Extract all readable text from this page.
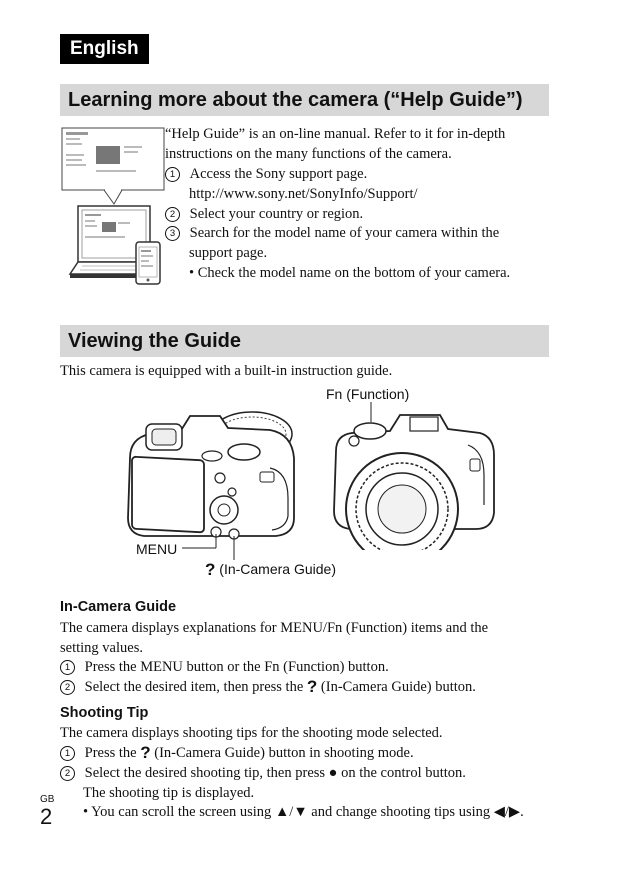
English
Learning more about the camera (“Help Guide”)
“Help Guide” is an on-line manual. Refer to it for in-depth
instructions on the many functions of the camera.
1 Access the Sony support page.
http://www.sony.net/SonyInfo/Support/
2 Select your country or region.
3 Search for the model name of your camera within the
support page.
• Check the model name on the bottom of your camera.
Viewing the Guide
This camera is equipped with a built-in instruction guide.
Fn (Function)
MENU
? (In-Camera Guide)
In-Camera Guide
The camera displays explanations for MENU/Fn (Function) items and the
setting values.
1 Press the MENU button or the Fn (Function) button.
2 Select the desired item, then press the ? (In-Camera Guide) button.
Shooting Tip
The camera displays shooting tips for the shooting mode selected.
1 Press the ? (In-Camera Guide) button in shooting mode.
2 Select the desired shooting tip, then press ● on the control button.
The shooting tip is displayed.
• You can scroll the screen using ▲/▼ and change shooting tips using ◀/▶.
GB
2
